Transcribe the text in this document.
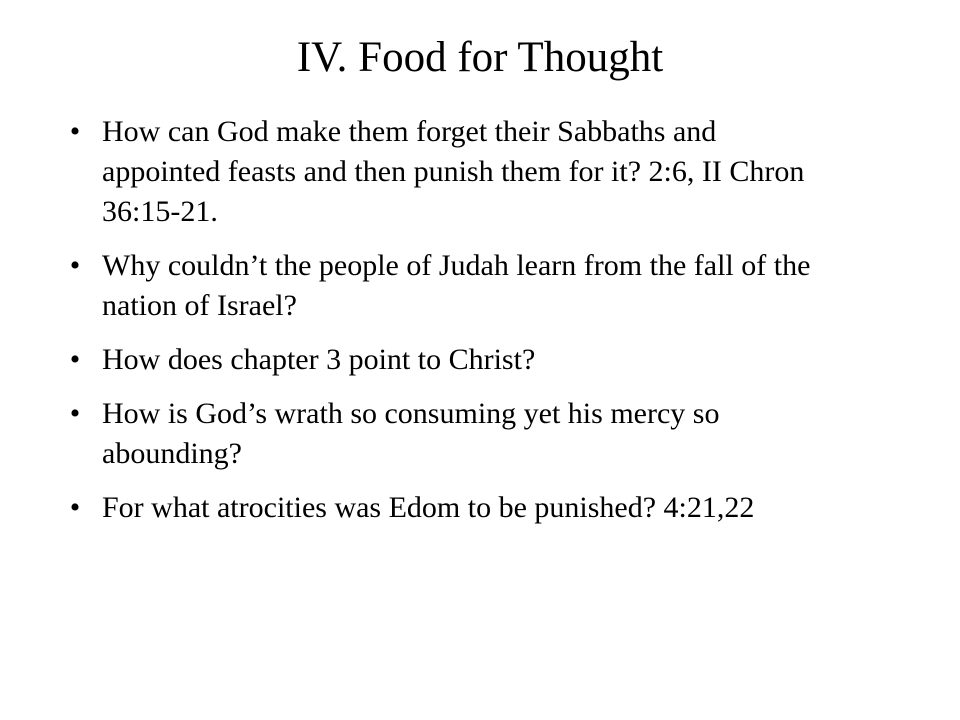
IV. Food for Thought
• How can God make them forget their Sabbaths and appointed feasts and then punish them for it? 2:6, II Chron 36:15-21.
• Why couldn’t the people of Judah learn from the fall of the nation of Israel?
• How does chapter 3 point to Christ?
• How is God’s wrath so consuming yet his mercy so abounding?
• For what atrocities was Edom to be punished? 4:21,22
